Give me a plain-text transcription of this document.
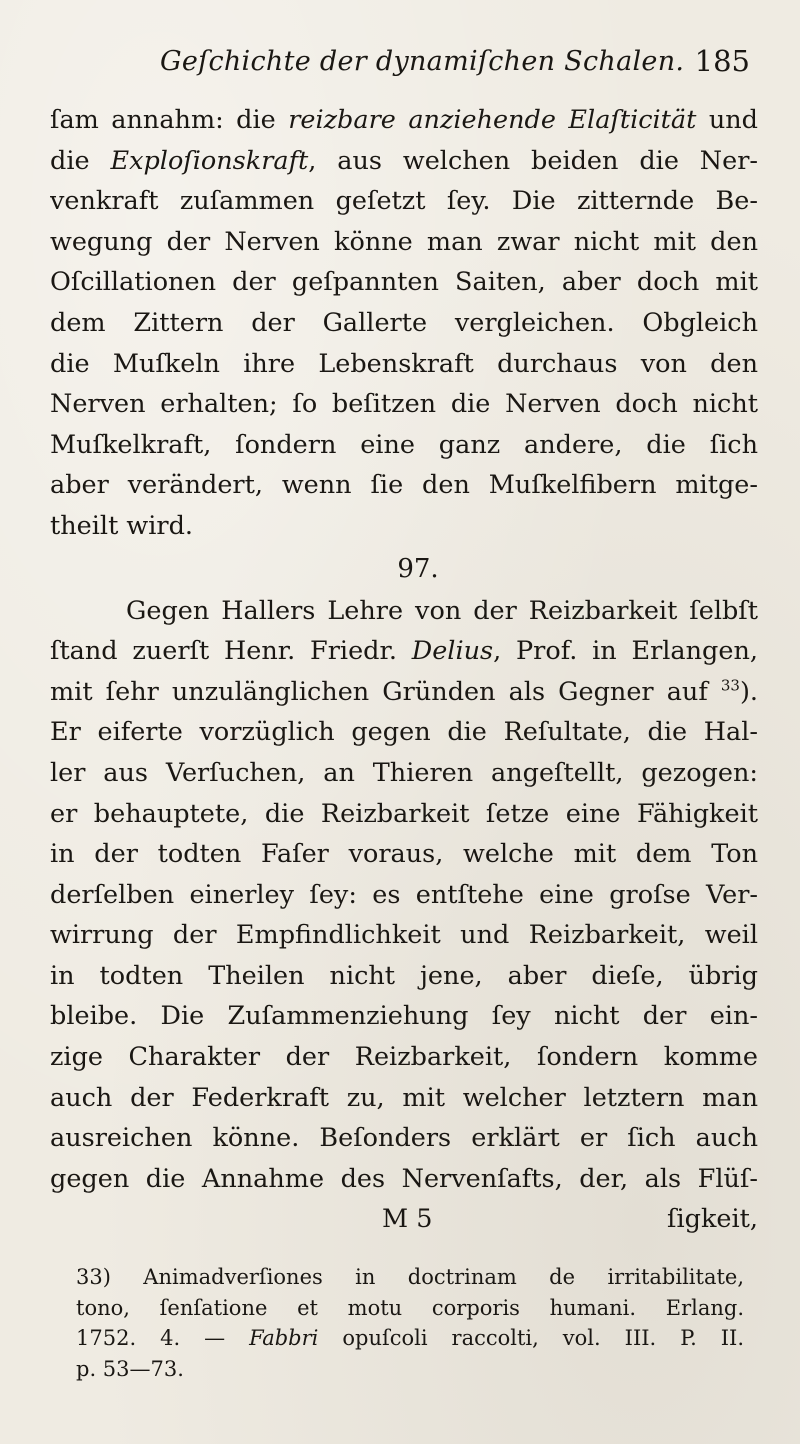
Geſchichte der dynamiſchen Schalen. 185
ſam annahm: die reizbare anziehende Elaſticität und
die Exploſionskraft, aus welchen beiden die Ner-
venkraft zuſammen geſetzt ſey. Die zitternde Be-
wegung der Nerven könne man zwar nicht mit den
Oſcillationen der geſpannten Saiten, aber doch mit
dem Zittern der Gallerte vergleichen. Obgleich
die Muſkeln ihre Lebenskraft durchaus von den
Nerven erhalten; ſo beſitzen die Nerven doch nicht
Muſkelkraft, ſondern eine ganz andere, die ſich
aber verändert, wenn ſie den Muſkelfibern mitge-
theilt wird.
97.
Gegen Hallers Lehre von der Reizbarkeit ſelbſt
ſtand zuerſt Henr. Friedr. Delius, Prof. in Erlangen,
mit ſehr unzulänglichen Gründen als Gegner auf $^{33}$).
Er eiferte vorzüglich gegen die Reſultate, die Hal-
ler aus Verſuchen, an Thieren angeſtellt, gezogen:
er behauptete, die Reizbarkeit ſetze eine Fähigkeit
in der todten Faſer voraus, welche mit dem Ton
derſelben einerley ſey: es entſtehe eine groſse Ver-
wirrung der Empfindlichkeit und Reizbarkeit, weil
in todten Theilen nicht jene, aber dieſe, übrig
bleibe. Die Zuſammenziehung ſey nicht der ein-
zige Charakter der Reizbarkeit, ſondern komme
auch der Federkraft zu, mit welcher letztern man
ausreichen könne. Beſonders erklärt er ſich auch
gegen die Annahme des Nervenſafts, der, als Flüſ-
M 5	ſigkeit,
33) Animadverſiones in doctrinam de irritabilitate,
tono, ſenſatione et motu corporis humani. Erlang.
1752. 4. — Fabbri opuſcoli raccolti, vol. III. P. II.
p. 53—73.
